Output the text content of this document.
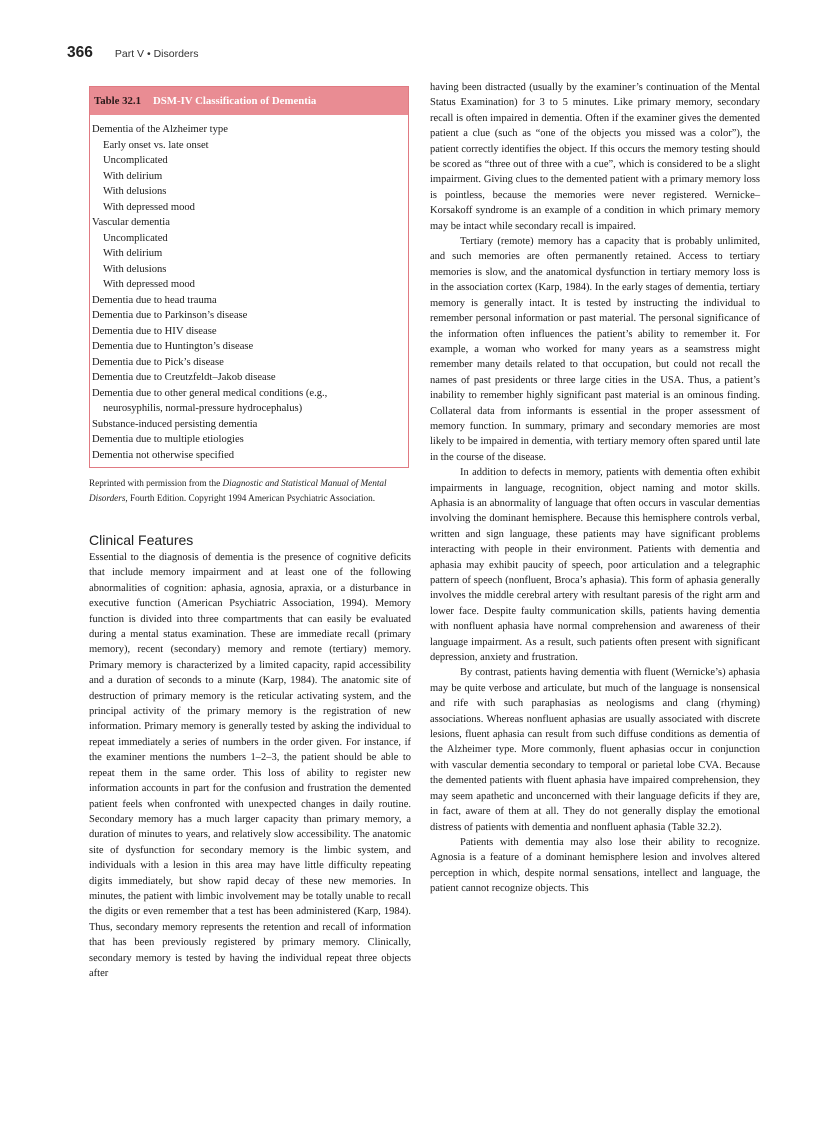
366 Part V • Disorders
Table 32.1 DSM-IV Classification of Dementia
Dementia of the Alzheimer type
Early onset vs. late onset
Uncomplicated
With delirium
With delusions
With depressed mood
Vascular dementia
Uncomplicated
With delirium
With delusions
With depressed mood
Dementia due to head trauma
Dementia due to Parkinson’s disease
Dementia due to HIV disease
Dementia due to Huntington’s disease
Dementia due to Pick’s disease
Dementia due to Creutzfeldt–Jakob disease
Dementia due to other general medical conditions (e.g.,
neurosyphilis, normal-pressure hydrocephalus)
Substance-induced persisting dementia
Dementia due to multiple etiologies
Dementia not otherwise specified
Reprinted with permission from the Diagnostic and Statistical Manual of Mental Disorders, Fourth Edition. Copyright 1994 American Psychiatric Association.
Clinical Features

Essential to the diagnosis of dementia is the presence of cognitive deficits that include memory impairment and at least one of the following abnormalities of cognition: aphasia, agnosia, apraxia, or a disturbance in executive function (American Psychiatric Association, 1994). Memory function is divided into three compartments that can easily be evaluated during a mental status examination. These are immediate recall (primary memory), recent (secondary) memory and remote (tertiary) memory. Primary memory is characterized by a limited capacity, rapid accessibility and a duration of seconds to a minute (Karp, 1984). The anatomic site of destruction of primary memory is the reticular activating system, and the principal activity of the primary memory is the registration of new information. Primary memory is generally tested by asking the individual to repeat immediately a series of numbers in the order given. For instance, if the examiner mentions the numbers 1–2–3, the patient should be able to repeat them in the same order. This loss of ability to register new information accounts in part for the confusion and frustration the demented patient feels when confronted with unexpected changes in daily routine. Secondary memory has a much larger capacity than primary memory, a duration of minutes to years, and relatively slow accessibility. The anatomic site of dysfunction for secondary memory is the limbic system, and individuals with a lesion in this area may have little difficulty repeating digits immediately, but show rapid decay of these new memories. In minutes, the patient with limbic involvement may be totally unable to recall the digits or even remember that a test has been administered (Karp, 1984). Thus, secondary memory represents the retention and recall of information that has been previously registered by primary memory. Clinically, secondary memory is tested by having the individual repeat three objects after

having been distracted (usually by the examiner’s continuation of the Mental Status Examination) for 3 to 5 minutes. Like primary memory, secondary recall is often impaired in dementia. Often if the examiner gives the demented patient a clue (such as “one of the objects you missed was a color”), the patient correctly identifies the object. If this occurs the memory testing should be scored as “three out of three with a cue”, which is considered to be a slight impairment. Giving clues to the demented patient with a primary memory loss is pointless, because the memories were never registered. Wernicke–Korsakoff syndrome is an example of a condition in which primary memory may be intact while secondary recall is impaired.

Tertiary (remote) memory has a capacity that is probably unlimited, and such memories are often permanently retained. Access to tertiary memories is slow, and the anatomical dysfunction in tertiary memory loss is in the association cortex (Karp, 1984). In the early stages of dementia, tertiary memory is generally intact. It is tested by instructing the individual to remember personal information or past material. The personal significance of the information often influences the patient’s ability to remember it. For example, a woman who worked for many years as a seamstress might remember many details related to that occupation, but could not recall the names of past presidents or three large cities in the USA. Thus, a patient’s inability to remember highly significant past material is an ominous finding. Collateral data from informants is essential in the proper assessment of memory function. In summary, primary and secondary memories are most likely to be impaired in dementia, with tertiary memory often spared until late in the course of the disease.

In addition to defects in memory, patients with dementia often exhibit impairments in language, recognition, object naming and motor skills. Aphasia is an abnormality of language that often occurs in vascular dementias involving the dominant hemisphere. Because this hemisphere controls verbal, written and sign language, these patients may have significant problems interacting with people in their environment. Patients with dementia and aphasia may exhibit paucity of speech, poor articulation and a telegraphic pattern of speech (nonfluent, Broca’s aphasia). This form of aphasia generally involves the middle cerebral artery with resultant paresis of the right arm and lower face. Despite faulty communication skills, patients having dementia with nonfluent aphasia have normal comprehension and awareness of their language impairment. As a result, such patients often present with significant depression, anxiety and frustration.

By contrast, patients having dementia with fluent (Wernicke’s) aphasia may be quite verbose and articulate, but much of the language is nonsensical and rife with such paraphasias as neologisms and clang (rhyming) associations. Whereas nonfluent aphasias are usually associated with discrete lesions, fluent aphasia can result from such diffuse conditions as dementia of the Alzheimer type. More commonly, fluent aphasias occur in conjunction with vascular dementia secondary to temporal or parietal lobe CVA. Because the demented patients with fluent aphasia have impaired comprehension, they may seem apathetic and unconcerned with their language deficits if they are, in fact, aware of them at all. They do not generally display the emotional distress of patients with dementia and nonfluent aphasia (Table 32.2).

Patients with dementia may also lose their ability to recognize. Agnosia is a feature of a dominant hemisphere lesion and involves altered perception in which, despite normal sensations, intellect and language, the patient cannot recognize objects. This
